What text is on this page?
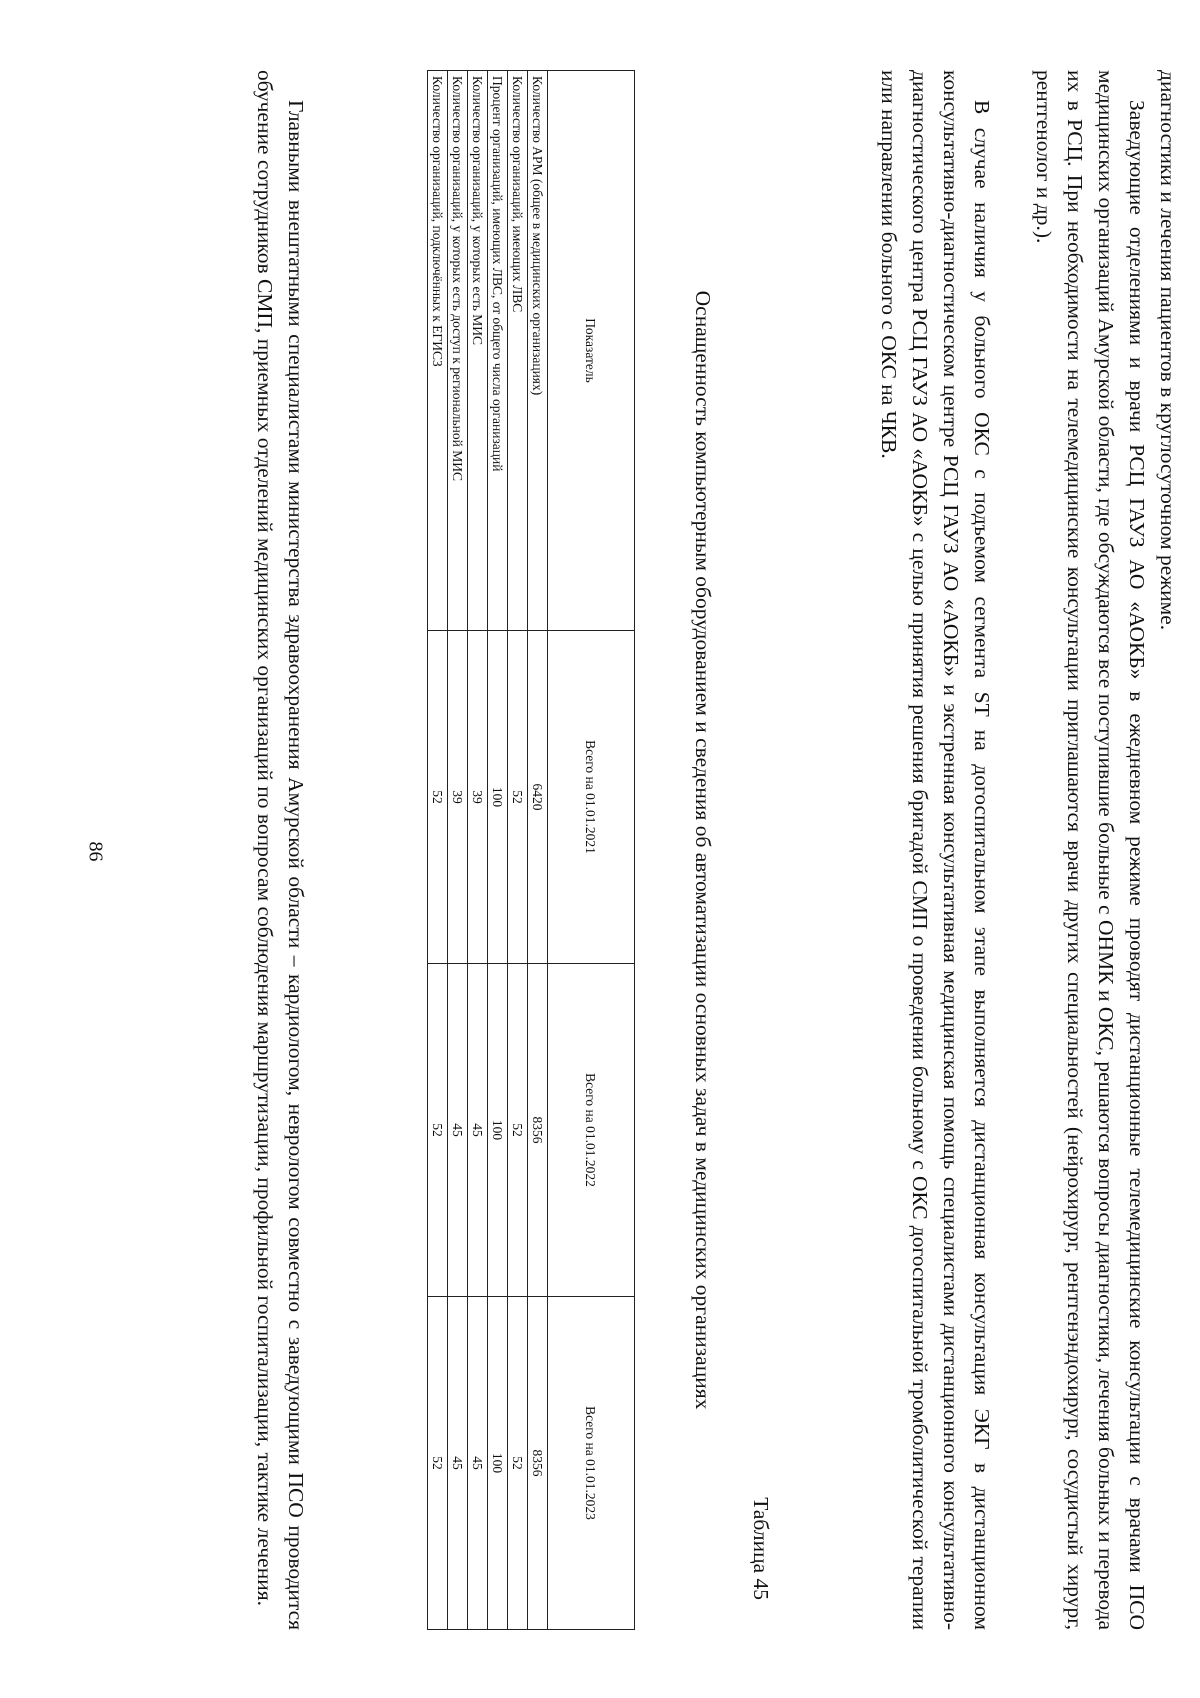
86

диагностики и лечения пациентов в круглосуточном режиме.

Заведующие отделениями и врачи РСЦ ГАУЗ АО «АОКБ» в ежедневном режиме проводят дистанционные телемедицинские консультации с врачами ПСО медицинских организаций Амурской области, где обсуждаются все поступившие больные с ОНМК и ОКС, решаются вопросы диагностики, лечения больных и перевода их в РСЦ. При необходимости на телемедицинские консультации приглашаются врачи других специальностей (нейрохирург, рентгенэндохирург, сосудистый хирург, рентгенолог и др.).

В случае наличия у больного ОКС с подъемом сегмента ST на догоспитальном этапе выполняется дистанционная консультация ЭКГ в дистанционном консультативно-диагностическом центре РСЦ ГАУЗ АО «АОКБ» и экстренная консультативная медицинская помощь специалистами дистанционного консультативно-диагностического центра РСЦ ГАУЗ АО «АОКБ» с целью принятия решения бригадой СМП о проведении больному с ОКС догоспитальной тромболитической терапии или направлении больного с ОКС на ЧКВ.

Таблица 45
Оснащенность компьютерным оборудованием и сведения об автоматизации основных задач в медицинских организациях
Показатель	Всего на 01.01.2021	Всего на 01.01.2022	Всего на 01.01.2023
Количество АРМ (общее в медицинских организациях)	6420	8356	8356
Количество организаций, имеющих ЛВС	52	52	52
Процент организаций, имеющих ЛВС, от общего числа организаций	100	100	100
Количество организаций, у которых есть МИС	39	45	45
Количество организаций, у которых есть доступ к региональной МИС	39	45	45
Количество организаций, подключённых к ЕГИСЗ	52	52	52

Главными внештатными специалистами министерства здравоохранения Амурской области – кардиологом, неврологом совместно с заведующими ПСО проводится обучение сотрудников СМП, приемных отделений медицинских организаций по вопросам соблюдения маршрутизации, профильной госпитализации, тактике лечения.
